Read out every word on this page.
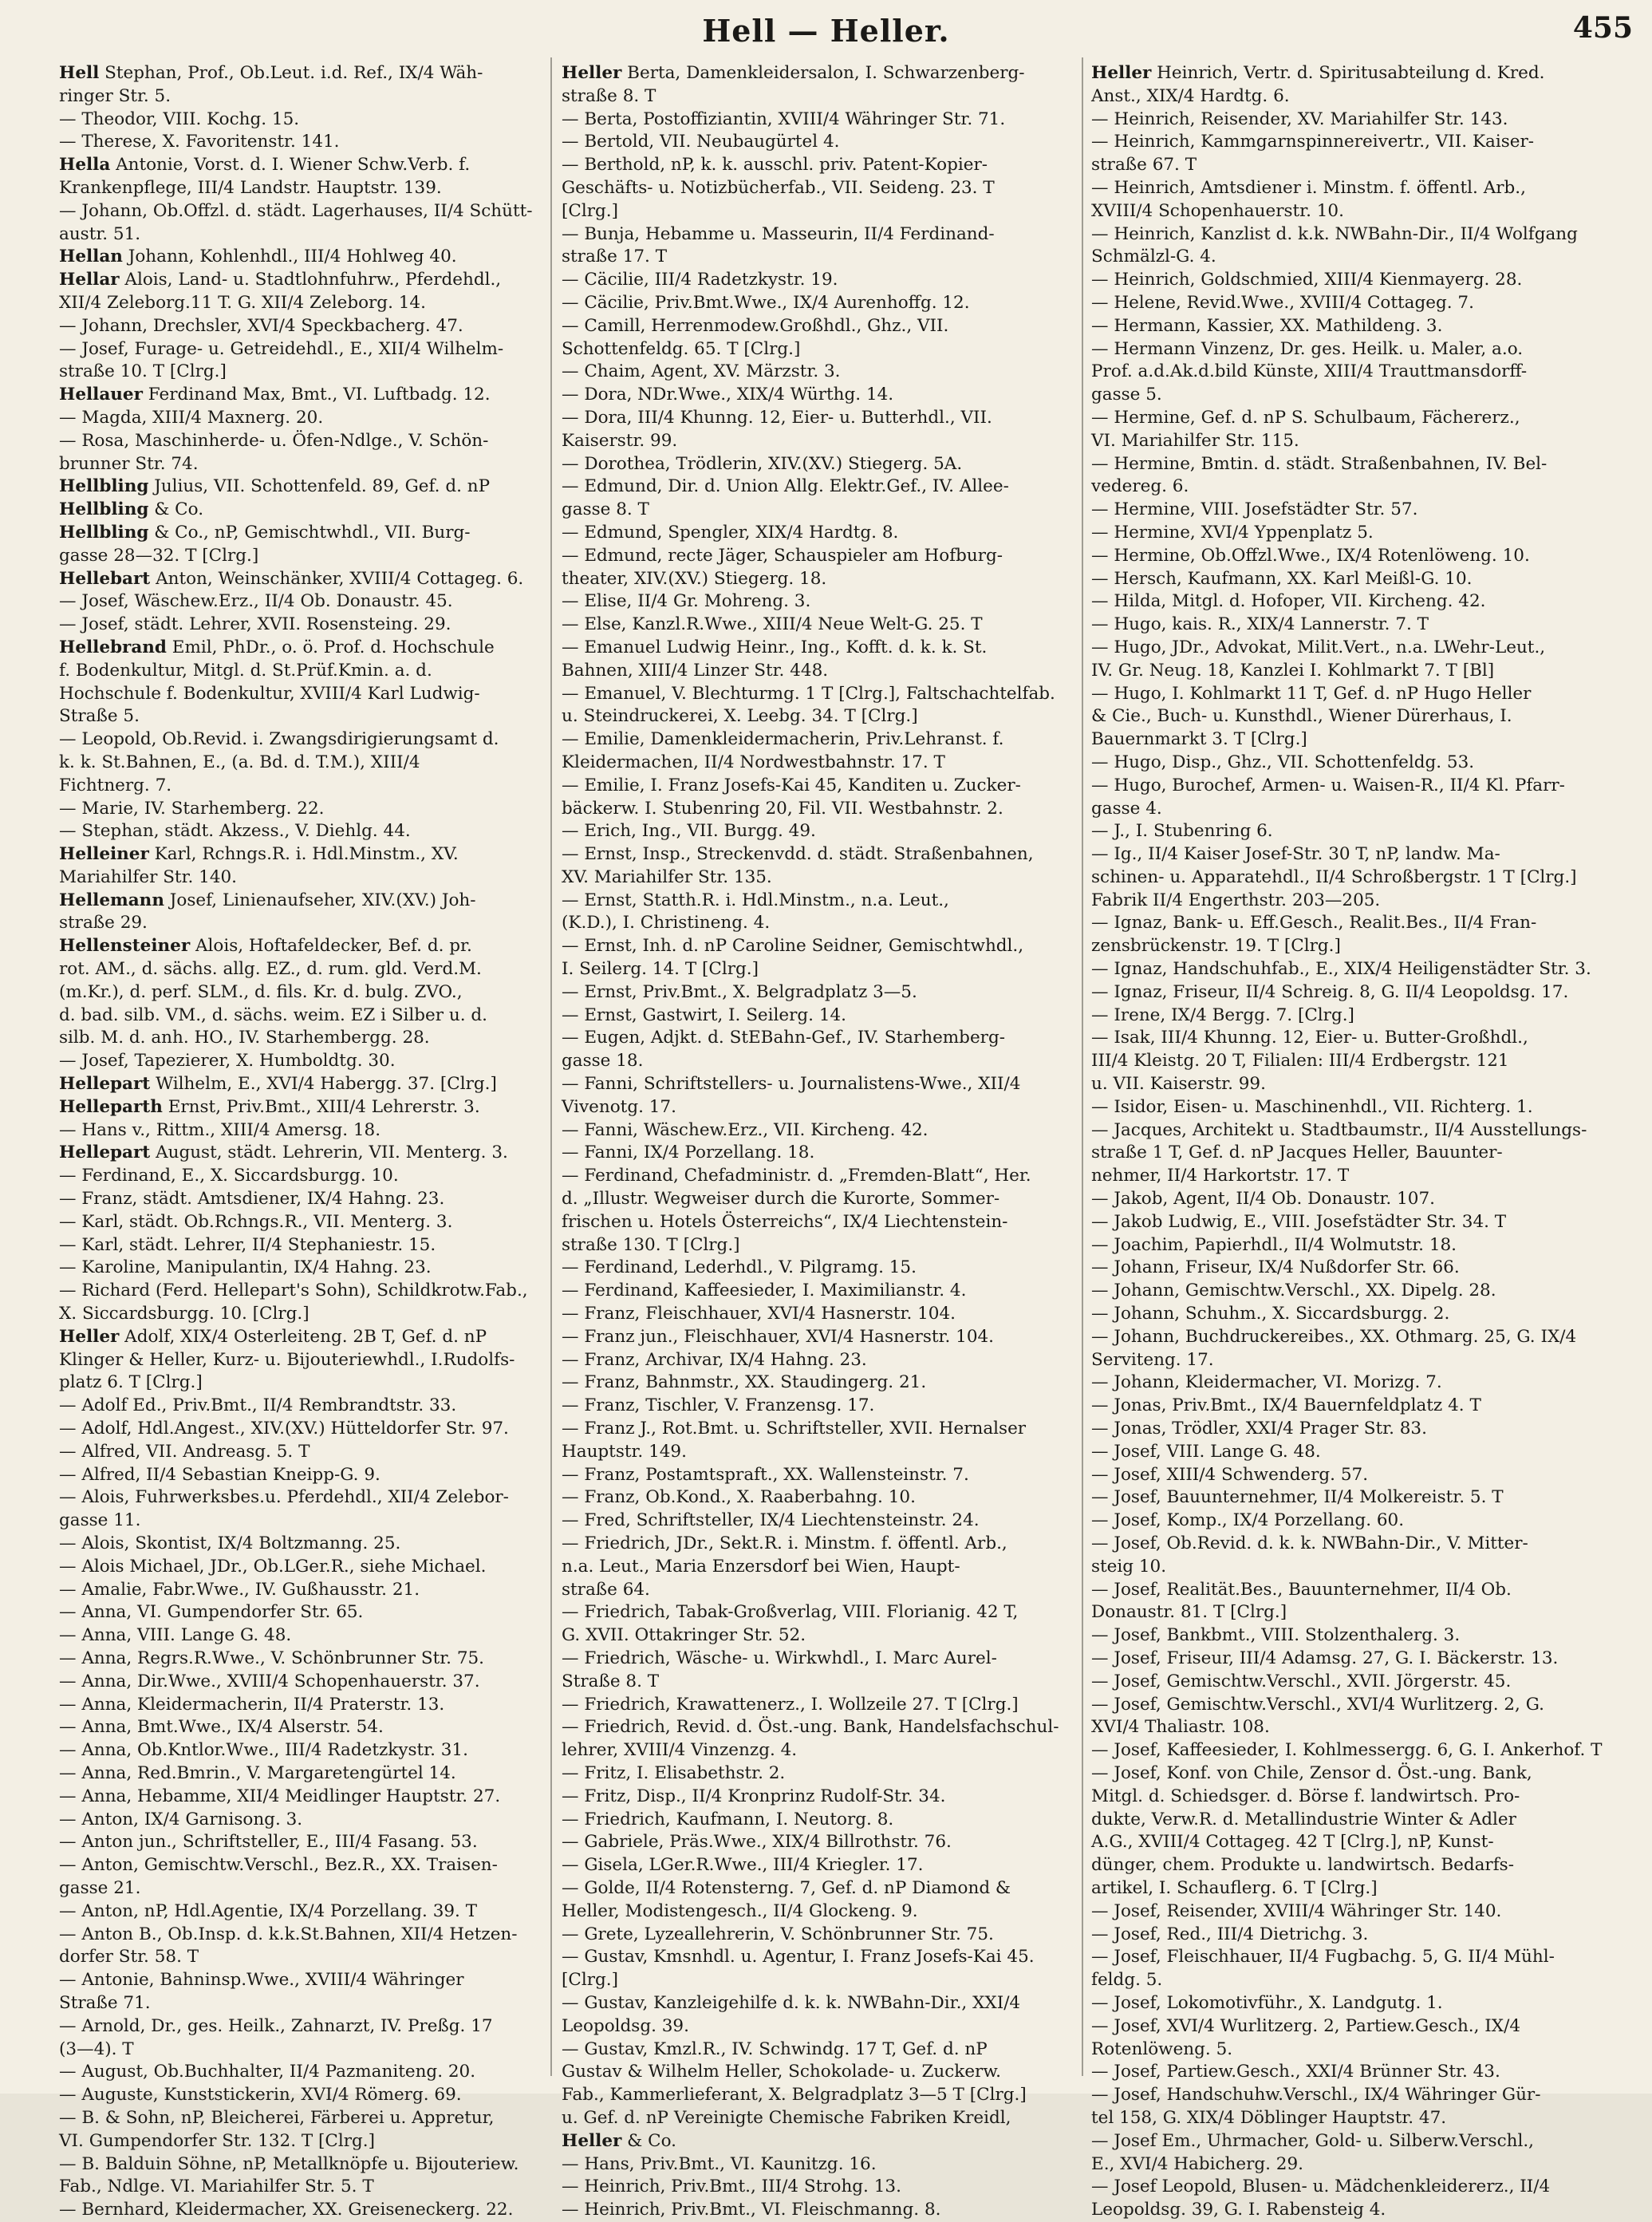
Hell — Heller.	455
Hell Stephan, Prof., Ob.Leut. i.d. Ref., IX/4 Wäh-
ringer Str. 5.
— Theodor, VIII. Kochg. 15.
— Therese, X. Favoritenstr. 141.
Hella Antonie, Vorst. d. I. Wiener Schw.Verb. f.
Krankenpflege, III/4 Landstr. Hauptstr. 139.
— Johann, Ob.Offzl. d. städt. Lagerhauses, II/4 Schütt-
austr. 51.
Hellan Johann, Kohlenhdl., III/4 Hohlweg 40.
Hellar Alois, Land- u. Stadtlohnfuhrw., Pferdehdl.,
XII/4 Zeleborg.11 T. G. XII/4 Zeleborg. 14.
— Johann, Drechsler, XVI/4 Speckbacherg. 47.
— Josef, Furage- u. Getreidehdl., E., XII/4 Wilhelm-
straße 10. T [Clrg.]
Hellauer Ferdinand Max, Bmt., VI. Luftbadg. 12.
— Magda, XIII/4 Maxnerg. 20.
— Rosa, Maschinherde- u. Öfen-Ndlge., V. Schön-
brunner Str. 74.
Hellbling Julius, VII. Schottenfeld. 89, Gef. d. nP
Hellbling & Co.
Hellbling & Co., nP, Gemischtwhdl., VII. Burg-
gasse 28—32. T [Clrg.]
Hellebart Anton, Weinschänker, XVIII/4 Cottageg. 6.
— Josef, Wäschew.Erz., II/4 Ob. Donaustr. 45.
— Josef, städt. Lehrer, XVII. Rosensteing. 29.
Hellebrand Emil, PhDr., o. ö. Prof. d. Hochschule
f. Bodenkultur, Mitgl. d. St.Prüf.Kmin. a. d.
Hochschule f. Bodenkultur, XVIII/4 Karl Ludwig-
Straße 5.
— Leopold, Ob.Revid. i. Zwangsdirigierungsamt d.
k. k. St.Bahnen, E., (a. Bd. d. T.M.), XIII/4
Fichtnerg. 7.
— Marie, IV. Starhemberg. 22.
— Stephan, städt. Akzess., V. Diehlg. 44.
Helleiner Karl, Rchngs.R. i. Hdl.Minstm., XV.
Mariahilfer Str. 140.
Hellemann Josef, Linienaufseher, XIV.(XV.) Joh-
straße 29.
Hellensteiner Alois, Hoftafeldecker, Bef. d. pr.
rot. AM., d. sächs. allg. EZ., d. rum. gld. Verd.M.
(m.Kr.), d. perf. SLM., d. fils. Kr. d. bulg. ZVO.,
d. bad. silb. VM., d. sächs. weim. EZ i Silber u. d.
silb. M. d. anh. HO., IV. Starhembergg. 28.
— Josef, Tapezierer, X. Humboldtg. 30.
Hellepart Wilhelm, E., XVI/4 Habergg. 37. [Clrg.]
Helleparth Ernst, Priv.Bmt., XIII/4 Lehrerstr. 3.
— Hans v., Rittm., XIII/4 Amersg. 18.
Hellepart August, städt. Lehrerin, VII. Menterg. 3.
— Ferdinand, E., X. Siccardsburgg. 10.
— Franz, städt. Amtsdiener, IX/4 Hahng. 23.
— Karl, städt. Ob.Rchngs.R., VII. Menterg. 3.
— Karl, städt. Lehrer, II/4 Stephaniestr. 15.
— Karoline, Manipulantin, IX/4 Hahng. 23.
— Richard (Ferd. Hellepart's Sohn), Schildkrotw.Fab.,
X. Siccardsburgg. 10. [Clrg.]
Heller Adolf, XIX/4 Osterleiteng. 2B T, Gef. d. nP
Klinger & Heller, Kurz- u. Bijouteriewhdl., I.Rudolfs-
platz 6. T [Clrg.]
— Adolf Ed., Priv.Bmt., II/4 Rembrandtstr. 33.
— Adolf, Hdl.Angest., XIV.(XV.) Hütteldorfer Str. 97.
— Alfred, VII. Andreasg. 5. T
— Alfred, II/4 Sebastian Kneipp-G. 9.
— Alois, Fuhrwerksbes.u. Pferdehdl., XII/4 Zelebor-
gasse 11.
— Alois, Skontist, IX/4 Boltzmanng. 25.
— Alois Michael, JDr., Ob.LGer.R., siehe Michael.
— Amalie, Fabr.Wwe., IV. Gußhausstr. 21.
— Anna, VI. Gumpendorfer Str. 65.
— Anna, VIII. Lange G. 48.
— Anna, Regrs.R.Wwe., V. Schönbrunner Str. 75.
— Anna, Dir.Wwe., XVIII/4 Schopenhauerstr. 37.
— Anna, Kleidermacherin, II/4 Praterstr. 13.
— Anna, Bmt.Wwe., IX/4 Alserstr. 54.
— Anna, Ob.Kntlor.Wwe., III/4 Radetzkystr. 31.
— Anna, Red.Bmrin., V. Margaretengürtel 14.
— Anna, Hebamme, XII/4 Meidlinger Hauptstr. 27.
— Anton, IX/4 Garnisong. 3.
— Anton jun., Schriftsteller, E., III/4 Fasang. 53.
— Anton, Gemischtw.Verschl., Bez.R., XX. Traisen-
gasse 21.
— Anton, nP, Hdl.Agentie, IX/4 Porzellang. 39. T
— Anton B., Ob.Insp. d. k.k.St.Bahnen, XII/4 Hetzen-
dorfer Str. 58. T
— Antonie, Bahninsp.Wwe., XVIII/4 Währinger
Straße 71.
— Arnold, Dr., ges. Heilk., Zahnarzt, IV. Preßg. 17
(3—4). T
— August, Ob.Buchhalter, II/4 Pazmaniteng. 20.
— Auguste, Kunststickerin, XVI/4 Römerg. 69.
— B. & Sohn, nP, Bleicherei, Färberei u. Appretur,
VI. Gumpendorfer Str. 132. T [Clrg.]
— B. Balduin Söhne, nP, Metallknöpfe u. Bijouteriew.
Fab., Ndlge. VI. Mariahilfer Str. 5. T
— Bernhard, Kleidermacher, XX. Greiseneckerg. 22.
Heller Berta, Damenkleidersalon, I. Schwarzenberg-
straße 8. T
— Berta, Postoffiziantin, XVIII/4 Währinger Str. 71.
— Bertold, VII. Neubaugürtel 4.
— Berthold, nP, k. k. ausschl. priv. Patent-Kopier-
Geschäfts- u. Notizbücherfab., VII. Seideng. 23. T
[Clrg.]
— Bunja, Hebamme u. Masseurin, II/4 Ferdinand-
straße 17. T
— Cäcilie, III/4 Radetzkystr. 19.
— Cäcilie, Priv.Bmt.Wwe., IX/4 Aurenhoffg. 12.
— Camill, Herrenmodew.Großhdl., Ghz., VII.
Schottenfeldg. 65. T [Clrg.]
— Chaim, Agent, XV. Märzstr. 3.
— Dora, NDr.Wwe., XIX/4 Würthg. 14.
— Dora, III/4 Khunng. 12, Eier- u. Butterhdl., VII.
Kaiserstr. 99.
— Dorothea, Trödlerin, XIV.(XV.) Stiegerg. 5A.
— Edmund, Dir. d. Union Allg. Elektr.Gef., IV. Allee-
gasse 8. T
— Edmund, Spengler, XIX/4 Hardtg. 8.
— Edmund, recte Jäger, Schauspieler am Hofburg-
theater, XIV.(XV.) Stiegerg. 18.
— Elise, II/4 Gr. Mohreng. 3.
— Else, Kanzl.R.Wwe., XIII/4 Neue Welt-G. 25. T
— Emanuel Ludwig Heinr., Ing., Kofft. d. k. k. St.
Bahnen, XIII/4 Linzer Str. 448.
— Emanuel, V. Blechturmg. 1 T [Clrg.], Faltschachtelfab.
u. Steindruckerei, X. Leebg. 34. T [Clrg.]
— Emilie, Damenkleidermacherin, Priv.Lehranst. f.
Kleidermachen, II/4 Nordwestbahnstr. 17. T
— Emilie, I. Franz Josefs-Kai 45, Kanditen u. Zucker-
bäckerw. I. Stubenring 20, Fil. VII. Westbahnstr. 2.
— Erich, Ing., VII. Burgg. 49.
— Ernst, Insp., Streckenvdd. d. städt. Straßenbahnen,
XV. Mariahilfer Str. 135.
— Ernst, Statth.R. i. Hdl.Minstm., n.a. Leut.,
(K.D.), I. Christineng. 4.
— Ernst, Inh. d. nP Caroline Seidner, Gemischtwhdl.,
I. Seilerg. 14. T [Clrg.]
— Ernst, Priv.Bmt., X. Belgradplatz 3—5.
— Ernst, Gastwirt, I. Seilerg. 14.
— Eugen, Adjkt. d. StEBahn-Gef., IV. Starhemberg-
gasse 18.
— Fanni, Schriftstellers- u. Journalistens-Wwe., XII/4
Vivenotg. 17.
— Fanni, Wäschew.Erz., VII. Kircheng. 42.
— Fanni, IX/4 Porzellang. 18.
— Ferdinand, Chefadministr. d. „Fremden-Blatt“, Her.
d. „Illustr. Wegweiser durch die Kurorte, Sommer-
frischen u. Hotels Österreichs“, IX/4 Liechtenstein-
straße 130. T [Clrg.]
— Ferdinand, Lederhdl., V. Pilgramg. 15.
— Ferdinand, Kaffeesieder, I. Maximilianstr. 4.
— Franz, Fleischhauer, XVI/4 Hasnerstr. 104.
— Franz jun., Fleischhauer, XVI/4 Hasnerstr. 104.
— Franz, Archivar, IX/4 Hahng. 23.
— Franz, Bahnmstr., XX. Staudingerg. 21.
— Franz, Tischler, V. Franzensg. 17.
— Franz J., Rot.Bmt. u. Schriftsteller, XVII. Hernalser
Hauptstr. 149.
— Franz, Postamtspraft., XX. Wallensteinstr. 7.
— Franz, Ob.Kond., X. Raaberbahng. 10.
— Fred, Schriftsteller, IX/4 Liechtensteinstr. 24.
— Friedrich, JDr., Sekt.R. i. Minstm. f. öffentl. Arb.,
n.a. Leut., Maria Enzersdorf bei Wien, Haupt-
straße 64.
— Friedrich, Tabak-Großverlag, VIII. Florianig. 42 T,
G. XVII. Ottakringer Str. 52.
— Friedrich, Wäsche- u. Wirkwhdl., I. Marc Aurel-
Straße 8. T
— Friedrich, Krawattenerz., I. Wollzeile 27. T [Clrg.]
— Friedrich, Revid. d. Öst.-ung. Bank, Handelsfachschul-
lehrer, XVIII/4 Vinzenzg. 4.
— Fritz, I. Elisabethstr. 2.
— Fritz, Disp., II/4 Kronprinz Rudolf-Str. 34.
— Friedrich, Kaufmann, I. Neutorg. 8.
— Gabriele, Präs.Wwe., XIX/4 Billrothstr. 76.
— Gisela, LGer.R.Wwe., III/4 Kriegler. 17.
— Golde, II/4 Rotensterng. 7, Gef. d. nP Diamond &
Heller, Modistengesch., II/4 Glockeng. 9.
— Grete, Lyzeallehrerin, V. Schönbrunner Str. 75.
— Gustav, Kmsnhdl. u. Agentur, I. Franz Josefs-Kai 45.
[Clrg.]
— Gustav, Kanzleigehilfe d. k. k. NWBahn-Dir., XXI/4
Leopoldsg. 39.
— Gustav, Kmzl.R., IV. Schwindg. 17 T, Gef. d. nP
Gustav & Wilhelm Heller, Schokolade- u. Zuckerw.
Fab., Kammerlieferant, X. Belgradplatz 3—5 T [Clrg.]
u. Gef. d. nP Vereinigte Chemische Fabriken Kreidl,
Heller & Co.
— Hans, Priv.Bmt., VI. Kaunitzg. 16.
— Heinrich, Priv.Bmt., III/4 Strohg. 13.
— Heinrich, Priv.Bmt., VI. Fleischmanng. 8.
Heller Heinrich, Vertr. d. Spiritusabteilung d. Kred.
Anst., XIX/4 Hardtg. 6.
— Heinrich, Reisender, XV. Mariahilfer Str. 143.
— Heinrich, Kammgarnspinnereivertr., VII. Kaiser-
straße 67. T
— Heinrich, Amtsdiener i. Minstm. f. öffentl. Arb.,
XVIII/4 Schopenhauerstr. 10.
— Heinrich, Kanzlist d. k.k. NWBahn-Dir., II/4 Wolfgang
Schmälzl-G. 4.
— Heinrich, Goldschmied, XIII/4 Kienmayerg. 28.
— Helene, Revid.Wwe., XVIII/4 Cottageg. 7.
— Hermann, Kassier, XX. Mathildeng. 3.
— Hermann Vinzenz, Dr. ges. Heilk. u. Maler, a.o.
Prof. a.d.Ak.d.bild Künste, XIII/4 Trauttmansdorff-
gasse 5.
— Hermine, Gef. d. nP S. Schulbaum, Fächererz.,
VI. Mariahilfer Str. 115.
— Hermine, Bmtin. d. städt. Straßenbahnen, IV. Bel-
vedereg. 6.
— Hermine, VIII. Josefstädter Str. 57.
— Hermine, XVI/4 Yppenplatz 5.
— Hermine, Ob.Offzl.Wwe., IX/4 Rotenlöweng. 10.
— Hersch, Kaufmann, XX. Karl Meißl-G. 10.
— Hilda, Mitgl. d. Hofoper, VII. Kircheng. 42.
— Hugo, kais. R., XIX/4 Lannerstr. 7. T
— Hugo, JDr., Advokat, Milit.Vert., n.a. LWehr-Leut.,
IV. Gr. Neug. 18, Kanzlei I. Kohlmarkt 7. T [Bl]
— Hugo, I. Kohlmarkt 11 T, Gef. d. nP Hugo Heller
& Cie., Buch- u. Kunsthdl., Wiener Dürerhaus, I.
Bauernmarkt 3. T [Clrg.]
— Hugo, Disp., Ghz., VII. Schottenfeldg. 53.
— Hugo, Burochef, Armen- u. Waisen-R., II/4 Kl. Pfarr-
gasse 4.
— J., I. Stubenring 6.
— Ig., II/4 Kaiser Josef-Str. 30 T, nP, landw. Ma-
schinen- u. Apparatehdl., II/4 Schroßbergstr. 1 T [Clrg.]
Fabrik II/4 Engerthstr. 203—205.
— Ignaz, Bank- u. Eff.Gesch., Realit.Bes., II/4 Fran-
zensbrückenstr. 19. T [Clrg.]
— Ignaz, Handschuhfab., E., XIX/4 Heiligenstädter Str. 3.
— Ignaz, Friseur, II/4 Schreig. 8, G. II/4 Leopoldsg. 17.
— Irene, IX/4 Bergg. 7. [Clrg.]
— Isak, III/4 Khunng. 12, Eier- u. Butter-Großhdl.,
III/4 Kleistg. 20 T, Filialen: III/4 Erdbergstr. 121
u. VII. Kaiserstr. 99.
— Isidor, Eisen- u. Maschinenhdl., VII. Richterg. 1.
— Jacques, Architekt u. Stadtbaumstr., II/4 Ausstellungs-
straße 1 T, Gef. d. nP Jacques Heller, Bauunter-
nehmer, II/4 Harkortstr. 17. T
— Jakob, Agent, II/4 Ob. Donaustr. 107.
— Jakob Ludwig, E., VIII. Josefstädter Str. 34. T
— Joachim, Papierhdl., II/4 Wolmutstr. 18.
— Johann, Friseur, IX/4 Nußdorfer Str. 66.
— Johann, Gemischtw.Verschl., XX. Dipelg. 28.
— Johann, Schuhm., X. Siccardsburgg. 2.
— Johann, Buchdruckereibes., XX. Othmarg. 25, G. IX/4
Serviteng. 17.
— Johann, Kleidermacher, VI. Morizg. 7.
— Jonas, Priv.Bmt., IX/4 Bauernfeldplatz 4. T
— Jonas, Trödler, XXI/4 Prager Str. 83.
— Josef, VIII. Lange G. 48.
— Josef, XIII/4 Schwenderg. 57.
— Josef, Bauunternehmer, II/4 Molkereistr. 5. T
— Josef, Komp., IX/4 Porzellang. 60.
— Josef, Ob.Revid. d. k. k. NWBahn-Dir., V. Mitter-
steig 10.
— Josef, Realität.Bes., Bauunternehmer, II/4 Ob.
Donaustr. 81. T [Clrg.]
— Josef, Bankbmt., VIII. Stolzenthalerg. 3.
— Josef, Friseur, III/4 Adamsg. 27, G. I. Bäckerstr. 13.
— Josef, Gemischtw.Verschl., XVII. Jörgerstr. 45.
— Josef, Gemischtw.Verschl., XVI/4 Wurlitzerg. 2, G.
XVI/4 Thaliastr. 108.
— Josef, Kaffeesieder, I. Kohlmessergg. 6, G. I. Ankerhof. T
— Josef, Konf. von Chile, Zensor d. Öst.-ung. Bank,
Mitgl. d. Schiedsger. d. Börse f. landwirtsch. Pro-
dukte, Verw.R. d. Metallindustrie Winter & Adler
A.G., XVIII/4 Cottageg. 42 T [Clrg.], nP, Kunst-
dünger, chem. Produkte u. landwirtsch. Bedarfs-
artikel, I. Schauflerg. 6. T [Clrg.]
— Josef, Reisender, XVIII/4 Währinger Str. 140.
— Josef, Red., III/4 Dietrichg. 3.
— Josef, Fleischhauer, II/4 Fugbachg. 5, G. II/4 Mühl-
feldg. 5.
— Josef, Lokomotivführ., X. Landgutg. 1.
— Josef, XVI/4 Wurlitzerg. 2, Partiew.Gesch., IX/4
Rotenlöweng. 5.
— Josef, Partiew.Gesch., XXI/4 Brünner Str. 43.
— Josef, Handschuhw.Verschl., IX/4 Währinger Gür-
tel 158, G. XIX/4 Döblinger Hauptstr. 47.
— Josef Em., Uhrmacher, Gold- u. Silberw.Verschl.,
E., XVI/4 Habicherg. 29.
— Josef Leopold, Blusen- u. Mädchenkleidererz., II/4
Leopoldsg. 39, G. I. Rabensteig 4.
